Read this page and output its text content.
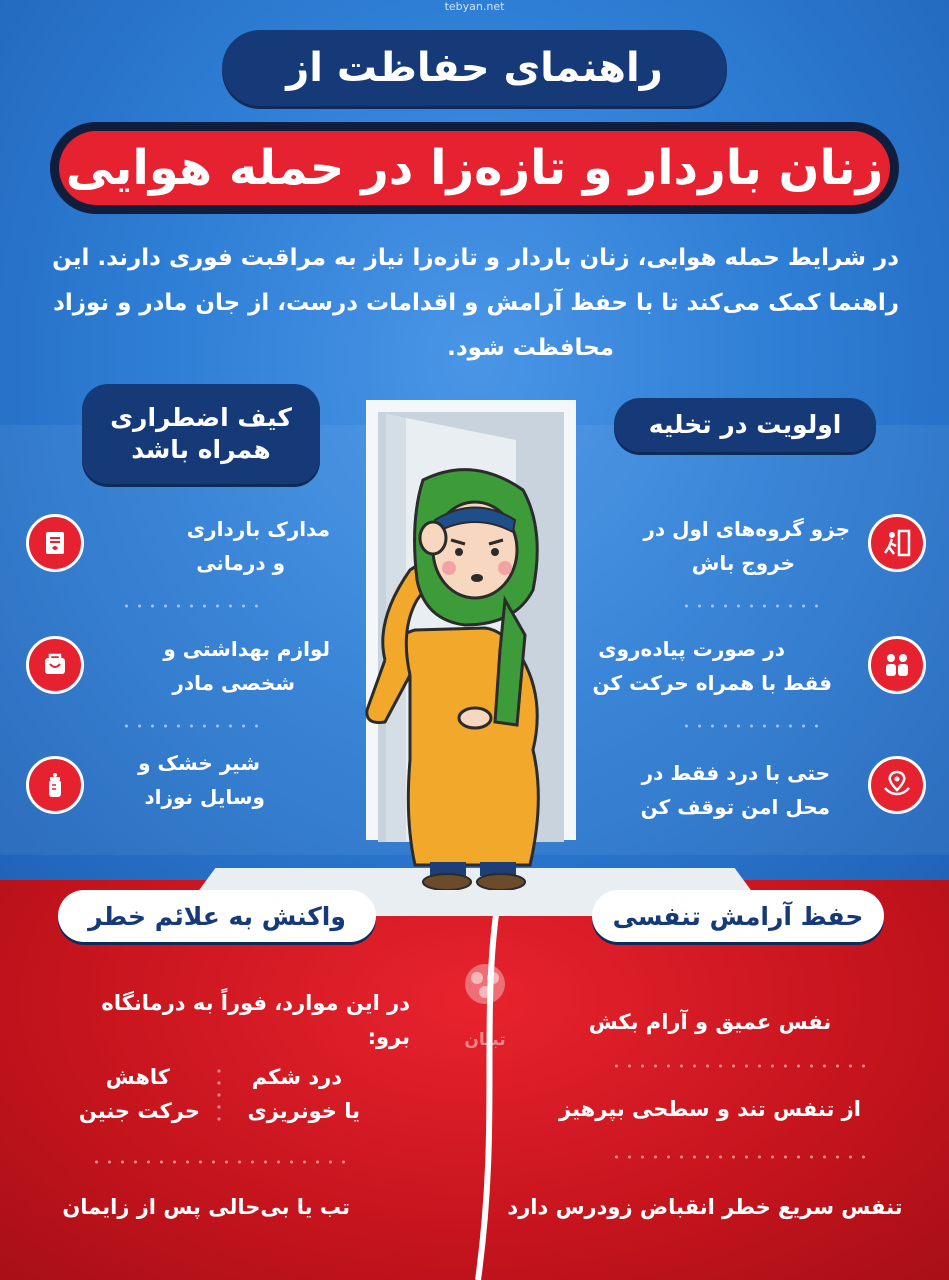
tebyan.net
راهنمای حفاظت از
زنان باردار و تازه‌زا در حمله هوایی
در شرایط حمله هوایی، زنان باردار و تازه‌زا نیاز به مراقبت فوری دارند. این
راهنما کمک می‌کند تا با حفظ آرامش و اقدامات درست، از جان مادر و نوزاد
محافظت شود.
اولویت در تخلیه
جزو گروه‌های اول در
خروج باش
در صورت پیاده‌روی
فقط با همراه حرکت کن
حتی با درد فقط در
محل امن توقف کن
کیف اضطراری
همراه باشد
مدارک بارداری
و درمانی
لوازم بهداشتی و
شخصی مادر
شیر خشک و
وسایل نوزاد
حفظ آرامش تنفسی
نفس عمیق و آرام بکش
از تنفس تند و سطحی بپرهیز
تنفس سریع خطر انقباض زودرس دارد
واکنش به علائم خطر
در این موارد، فوراً به درمانگاه برو:
درد شکم
یا خونریزی
کاهش
حرکت جنین
تب یا بی‌حالی پس از زایمان
تبیان
